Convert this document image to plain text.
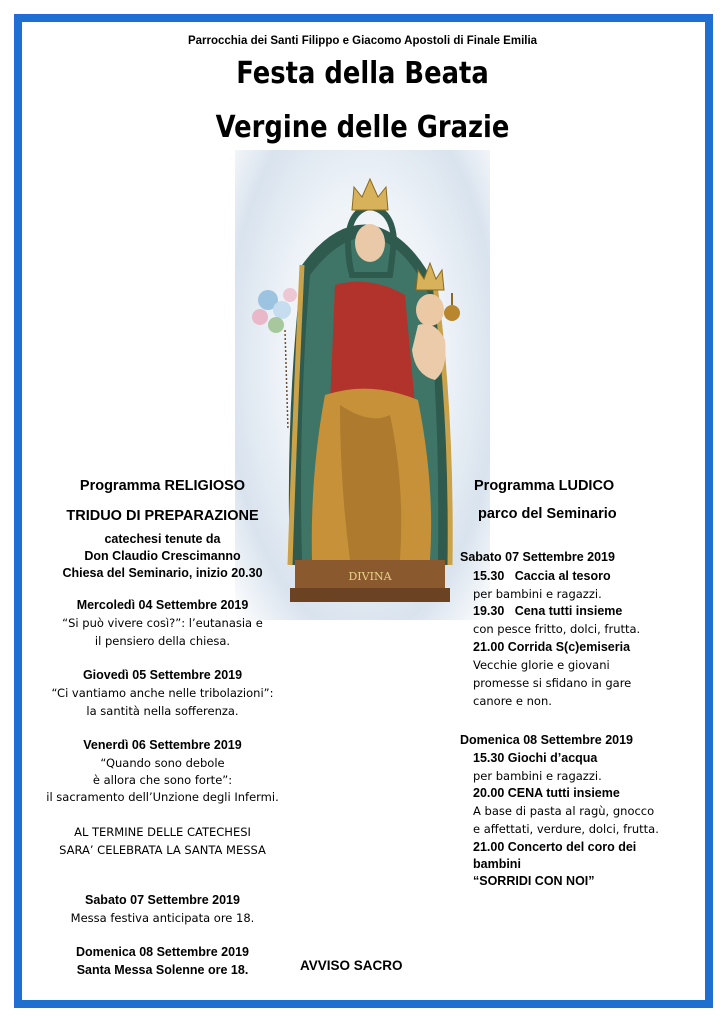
Parrocchia dei Santi Filippo e Giacomo Apostoli di Finale Emilia
Festa della Beata
Vergine delle Grazie
DIVINA
Programma RELIGIOSO
TRIDUO DI PREPARAZIONE
catechesi tenute da
Don Claudio Crescimanno
Chiesa del Seminario, inizio 20.30
Mercoledì 04 Settembre 2019
“Si può vivere così?”: l’eutanasia e
il pensiero della chiesa.
Giovedì 05 Settembre 2019
“Ci vantiamo anche nelle tribolazioni”:
la santità nella sofferenza.
Venerdì 06 Settembre 2019
“Quando sono debole
è allora che sono forte”:
il sacramento dell’Unzione degli Infermi.
AL TERMINE DELLE CATECHESI
SARA’ CELEBRATA LA SANTA MESSA
Sabato 07 Settembre 2019
Messa festiva anticipata ore 18.
Domenica 08 Settembre 2019
Santa Messa Solenne ore 18.
Programma LUDICO
parco del Seminario
Sabato 07 Settembre 2019
15.30 Caccia al tesoro
per bambini e ragazzi.
19.30 Cena tutti insieme
con pesce fritto, dolci, frutta.
21.00 Corrida S(c)emiseria
Vecchie glorie e giovani
promesse si sfidano in gare
canore e non.
Domenica 08 Settembre 2019
15.30 Giochi d’acqua
per bambini e ragazzi.
20.00 CENA tutti insieme
A base di pasta al ragù, gnocco
e affettati, verdure, dolci, frutta.
21.00 Concerto del coro dei
bambini
“SORRIDI CON NOI”
AVVISO SACRO
